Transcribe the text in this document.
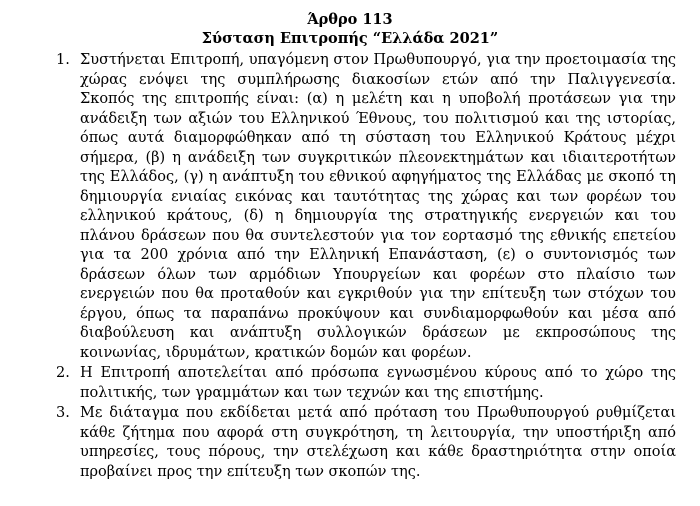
Άρθρο 113

Σύσταση Επιτροπής “Ελλάδα 2021”

1. Συστήνεται Επιτροπή, υπαγόμενη στον Πρωθυπουργό, για την προετοιμασία της χώρας ενόψει της συμπλήρωσης διακοσίων ετών από την Παλιγγενεσία. Σκοπός της επιτροπής είναι: (α) η μελέτη και η υποβολή προτάσεων για την ανάδειξη των αξιών του Ελληνικού Έθνους, του πολιτισμού και της ιστορίας, όπως αυτά διαμορφώθηκαν από τη σύσταση του Ελληνικού Κράτους μέχρι σήμερα, (β) η ανάδειξη των συγκριτικών πλεονεκτημάτων και ιδιαιτεροτήτων της Ελλάδος, (γ) η ανάπτυξη του εθνικού αφηγήματος της Ελλάδας με σκοπό τη δημιουργία ενιαίας εικόνας και ταυτότητας της χώρας και των φορέων του ελληνικού κράτους, (δ) η δημιουργία της στρατηγικής ενεργειών και του πλάνου δράσεων που θα συντελεστούν για τον εορτασμό της εθνικής επετείου για τα 200 χρόνια από την Ελληνική Επανάσταση, (ε) ο συντονισμός των δράσεων όλων των αρμόδιων Υπουργείων και φορέων στο πλαίσιο των ενεργειών που θα προταθούν και εγκριθούν για την επίτευξη των στόχων του έργου, όπως τα παραπάνω προκύψουν και συνδιαμορφωθούν και μέσα από διαβούλευση και ανάπτυξη συλλογικών δράσεων με εκπροσώπους της κοινωνίας, ιδρυμάτων, κρατικών δομών και φορέων.
2. Η Επιτροπή αποτελείται από πρόσωπα εγνωσμένου κύρους από το χώρο της πολιτικής, των γραμμάτων και των τεχνών και της επιστήμης.
3. Με διάταγμα που εκδίδεται μετά από πρόταση του Πρωθυπουργού ρυθμίζεται κάθε ζήτημα που αφορά στη συγκρότηση, τη λειτουργία, την υποστήριξη από υπηρεσίες, τους πόρους, την στελέχωση και κάθε δραστηριότητα στην οποία προβαίνει προς την επίτευξη των σκοπών της.
